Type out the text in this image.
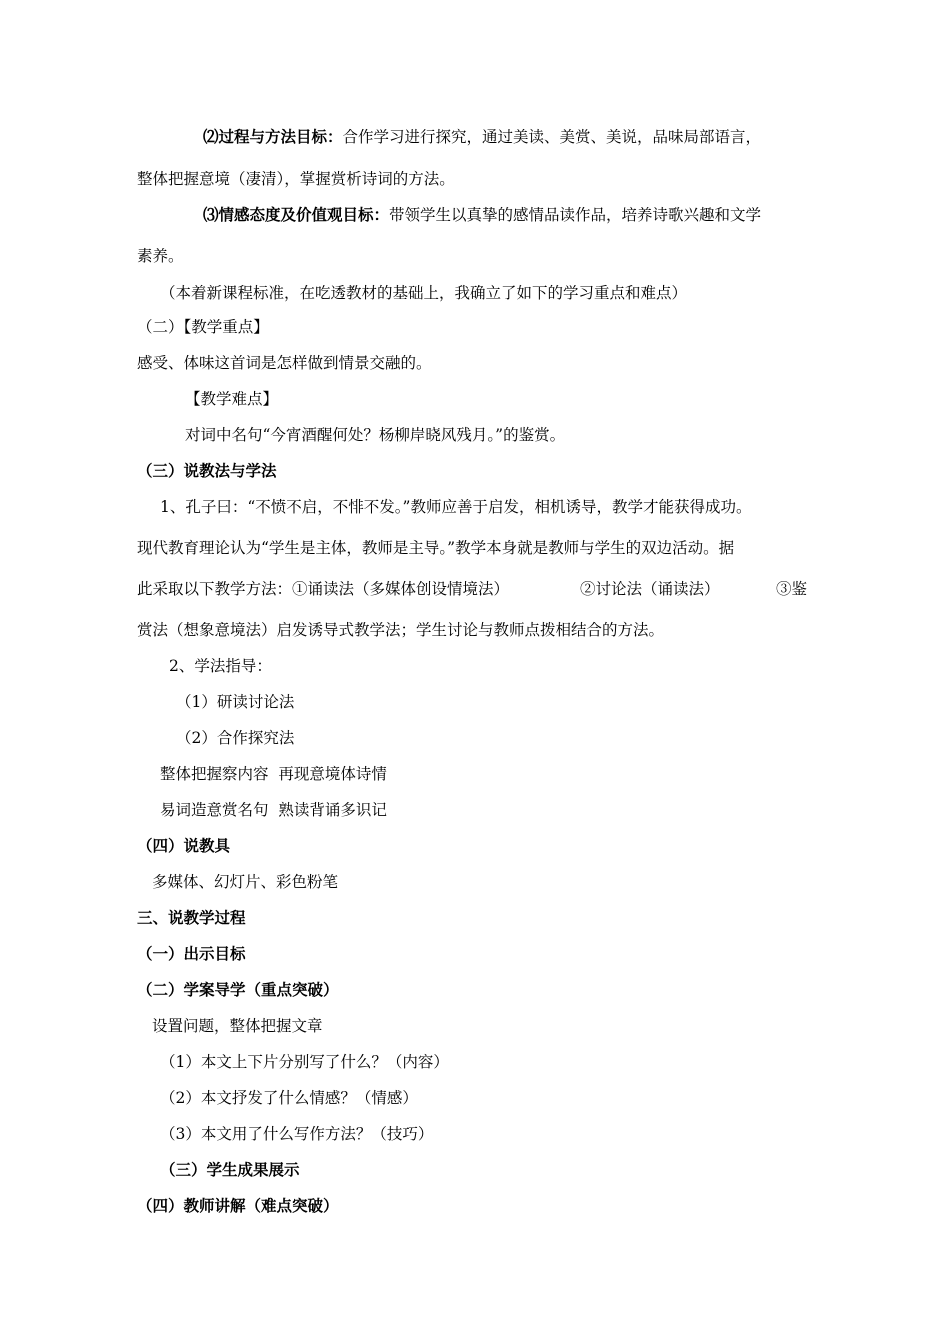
⑵过程与方法目标：合作学习进行探究，通过美读、美赏、美说，品味局部语言，
整体把握意境（凄清），掌握赏析诗词的方法。
⑶情感态度及价值观目标：带领学生以真挚的感情品读作品，培养诗歌兴趣和文学
素养。
（本着新课程标准，在吃透教材的基础上，我确立了如下的学习重点和难点）
（二）【教学重点】
感受、体味这首词是怎样做到情景交融的。
【教学难点】
对词中名句“今宵酒醒何处？杨柳岸晓风残月。”的鉴赏。
（三）说教法与学法
1、孔子曰：“不愤不启，不悱不发。”教师应善于启发，相机诱导，教学才能获得成功。
现代教育理论认为“学生是主体，教师是主导。”教学本身就是教师与学生的双边活动。据
此采取以下教学方法：①诵读法（多媒体创设情境法）	②讨论法（诵读法）	③鉴
赏法（想象意境法）启发诱导式教学法；学生讨论与教师点拨相结合的方法。
2、学法指导：
（1）研读讨论法
（2）合作探究法
整体把握察内容  再现意境体诗情
易词造意赏名句  熟读背诵多识记
（四）说教具
多媒体、幻灯片、彩色粉笔
三、说教学过程
（一）出示目标
（二）学案导学（重点突破）
设置问题，整体把握文章
（1）本文上下片分别写了什么？（内容）
（2）本文抒发了什么情感？（情感）
（3）本文用了什么写作方法？（技巧）
（三）学生成果展示
（四）教师讲解（难点突破）
